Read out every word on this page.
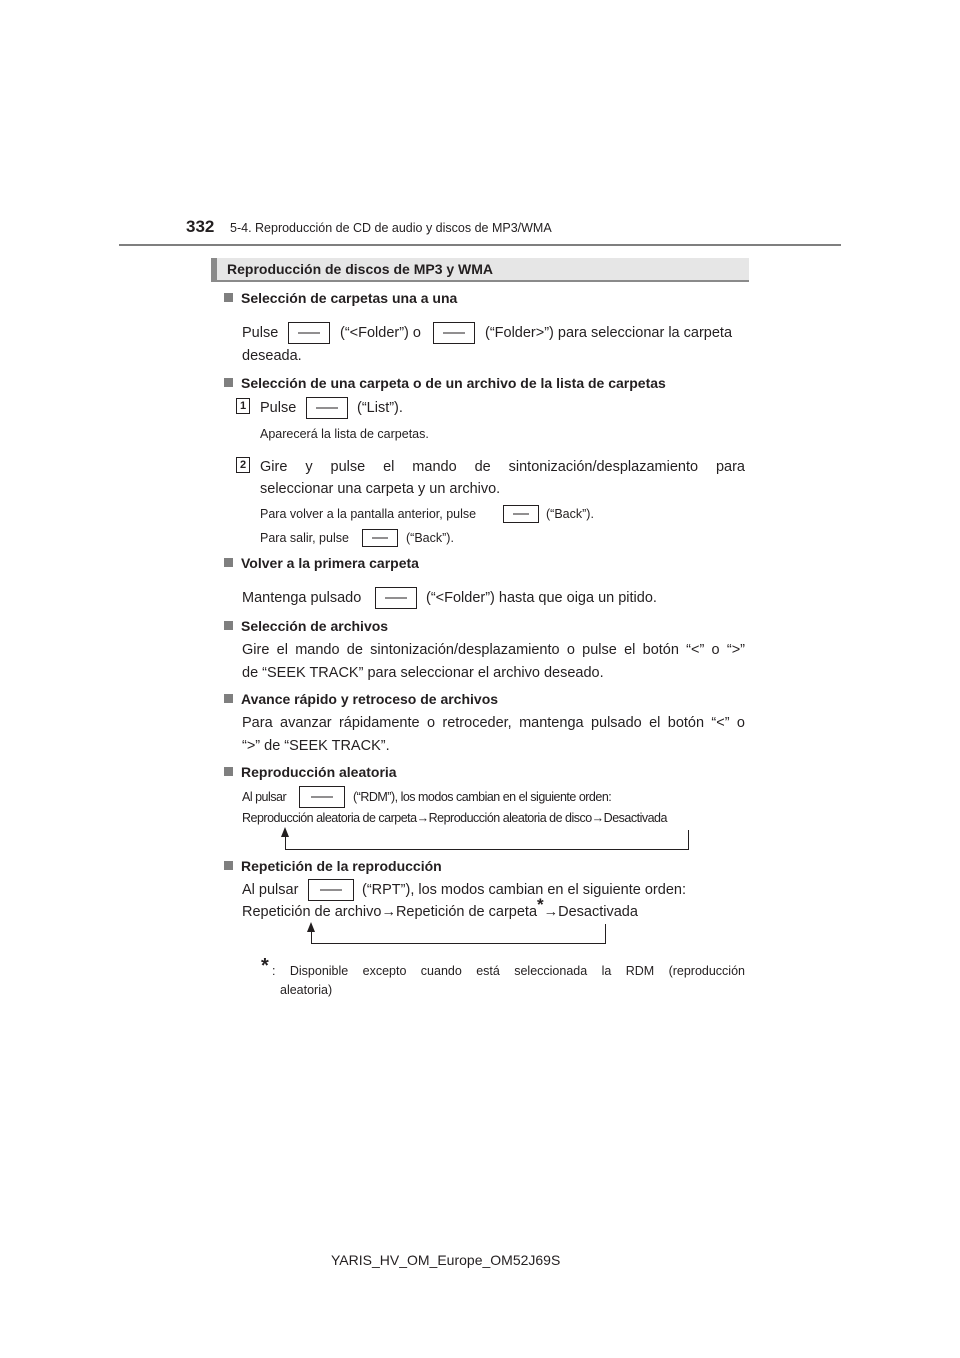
332 5-4. Reproducción de CD de audio y discos de MP3/WMA
Reproducción de discos de MP3 y WMA
Selección de carpetas una a una
Pulse	(“<Folder”) o	(“Folder>”) para seleccionar la carpeta
deseada.
Selección de una carpeta o de un archivo de la lista de carpetas
1 Pulse	(“List”).
Aparecerá la lista de carpetas.
2 Gire y pulse el mando de sintonización/desplazamiento para
seleccionar una carpeta y un archivo.
Para volver a la pantalla anterior, pulse	(“Back”).
Para salir, pulse	(“Back”).
Volver a la primera carpeta
Mantenga pulsado	(“<Folder”) hasta que oiga un pitido.
Selección de archivos
Gire el mando de sintonización/desplazamiento o pulse el botón “<” o “>”
de “SEEK TRACK” para seleccionar el archivo deseado.
Avance rápido y retroceso de archivos
Para avanzar rápidamente o retroceder, mantenga pulsado el botón “<” o
“>” de “SEEK TRACK”.
Reproducción aleatoria
Al pulsar	(“RDM”), los modos cambian en el siguiente orden:
Reproducción aleatoria de carpeta→Reproducción aleatoria de disco→Desactivada
Repetición de la reproducción
Al pulsar	(“RPT”), los modos cambian en el siguiente orden:
Repetición de archivo→Repetición de carpeta*→Desactivada
* : Disponible excepto cuando está seleccionada la RDM (reproducción
aleatoria)
YARIS_HV_OM_Europe_OM52J69S
